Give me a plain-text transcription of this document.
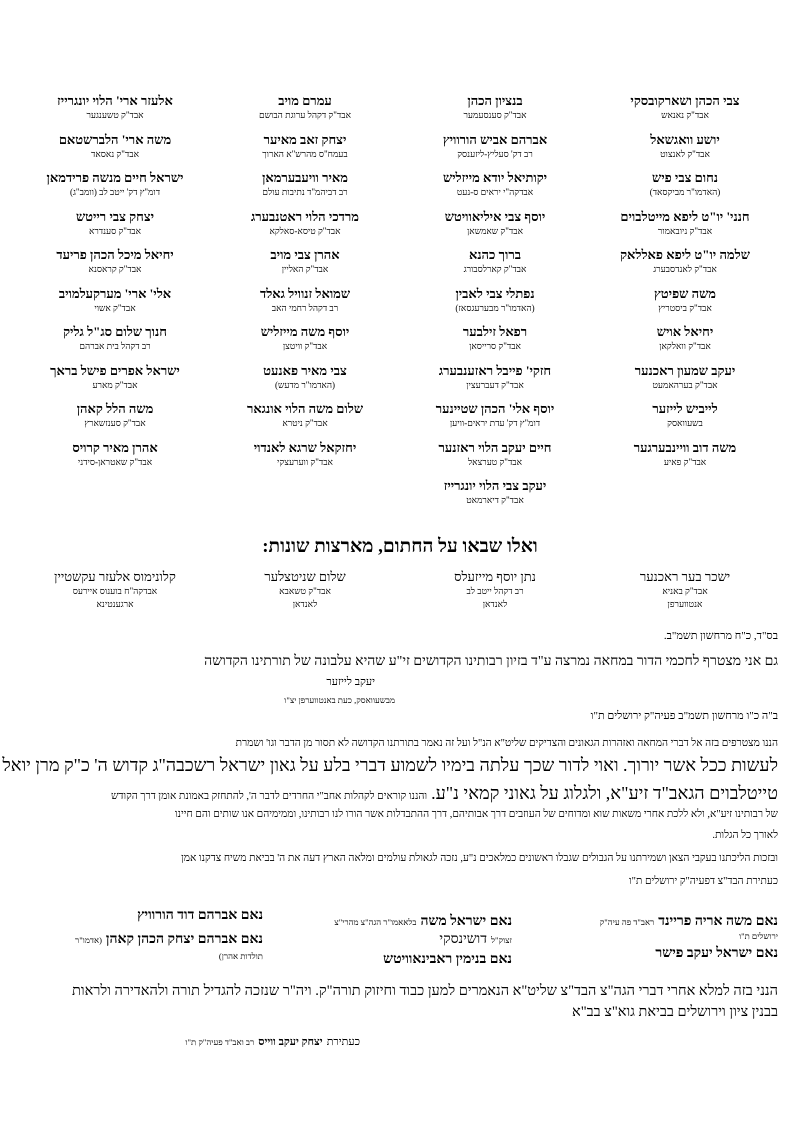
צבי הכהן ושארקובסקי
אבד"ק נאנאש
יושע וואגשאל
אבד"ק לאנצוט
נחום צבי פיש
(האדמו"ר מביקסאד)
חנני' יו"ט ליפא מייטלבוים
אבד"ק ניובאמור
שלמה יו"ט ליפא פאללאק
אבד"ק לאנדסבערג
משה שפיטץ
אבד"ק ביסטריץ
יחיאל אויש
אבד"ק וואלקאן
יעקב שמעון ראכנער
אבד"ק בערהאמעט
לייביש לייזער
בשעוואסק
משה דוב וויינבערגער
אבד"ק פאיע
בנציון הכהן
אבד"ק סענסעמער
אברהם אביש הורוויץ
רב דק' סעליץ-ליזענסק
יקותיאל יודא מייזליש
אבדקה"י יראים ס-נעט
יוסף צבי איליאוויטש
אבד"ק שאמשאן
ברוך כהנא
אבד"ק קארלסבורג
נפתלי צבי לאבין
(האדמו"ר מבערעגסאז)
רפאל זילבער
אבד"ק סרייסאן
חזקי' פייבל ראזענבערג
אבד"ק דעברעצין
יוסף אלי' הכהן שטיינער
דומ"ץ דק' עדת יראים-וויען
חיים יעקב הלוי ראזנער
אבד"ק טערצאל
יעקב צבי הלוי יונגרייז
אבד"ק דיארמאט
עמרם מויב
אבד"ק דקהל ערוגת הבושם
יצחק זאב מאיער
בעמח"ס מהרש"א הארוך
מאיר וויעבערמאן
רב דביהמ"ד נתיבות עולם
מרדכי הלוי ראטנבערג
אבד"ק טיסא-סאלקא
אהרן צבי מויב
אבד"ק האליין
שמואל זנוויל גאלד
רב דקהל רחמי האב
יוסף משה מייזליש
אבד"ק וויטצן
צבי מאיר פאנעט
(האדמו"ר מדעש)
שלום משה הלוי אונגאר
אבד"ק ניטרא
יחזקאל שרגא לאנדוי
אבד"ק ווערעצקי
אלעזר ארי' הלוי יונגרייז
אבד"ק טשענגער
משה ארי' הלברשטאם
אבד"ק נאסאד
ישראל חיים מנשה פרידמאן
דומ"ץ דק' ייטב לב (וומב"ג)
יצחק צבי רייטש
אבד"ק סענדרא
יחיאל מיכל הכהן פריעד
אבד"ק קראסנא
אלי' ארי' מערקעלמויב
אבד"ק אשוי
חנוך שלום סג"ל גליק
רב דקהל בית אברהם
ישראל אפרים פישל בראך
אבד"ק מארע
משה הלל קאהן
אבד"ק סענזשארץ
אהרן מאיר קרויס
אבד"ק שאטראן-סידני
ואלו שבאו על החתום, מארצות שונות:
ישכר בער ראכנער
אבד"ק באניא
אנטווערפן
נתן יוסף מייזעלס
רב דקהל ייטב לב
לאנדאן
שלום שניטצלער
אבד"ק טשאבא
לאנדאן
קלונימוס אלעזר עקשטיין
אבדקה"ח בוענוס איירעס
ארגענטינא
בס"ד, כ"ח מרחשון תשמ"ב.
גם אני מצטרף לחכמי הדור במחאה נמרצה ע"ד בזיון רבותינו הקדושים זי"ע שהיא עלבונה של תורתינו הקדושה
יעקב לייזער
מבשעוואסק, כעת באנטווערפן יצ"ו
ב"ה כ"ו מרחשון תשמ"ב פעיה"ק ירושלים ת"ו
הננו מצטרפים בזה אל דברי המחאה ואזהרות הגאונים והצדיקים שליט"א הנ"ל ועל זה נאמר בתורתנו הקדושה לא תסור מן הדבר וגו' ושמרת
לעשות ככל אשר יורוך. ואוי לדור שכך עלתה בימיו לשמוע דברי בלע על גאון ישראל רשכבה"ג קדוש ה' כ"ק מרן יואל
טייטלבוים הגאב"ד זיע"א, ולגלוג על גאוני קמאי נ"ע. והננו קוראים לקהלות אחב"י החרדים לדבר ה', להתחזק באמונת אומן דרך הקודש
של רבותינו זיע"א, ולא ללכת אחרי משאות שוא ומדוחים של העוזבים דרך אבותיהם, דרך ההתבדלות אשר הורו לנו רבותינו, וממימיהם אנו שותים והם חיינו
לאורך כל הגלות.
ובזכות הליכתנו בעקבי הצאן ושמירתנו על הגבולים שגבלו ראשונים כמלאכים נ"ע, נזכה לגאולת עולמים ומלאה הארץ דעה את ה' בביאת משיח צדקנו אמן
כעתירת הבד"צ דפעיה"ק ירושלים ת"ו
נאם משה אריה פריינד ראב"ד פה עיה"ק
ירושלים ת"ו
נאם ישראל יעקב פישר
נאם ישראל משה בלאאמו"ר הגה"צ מהרי"צ
זצוק"ל דושינסקי
נאם בנימין ראבינאוויטש
נאם אברהם דוד הורוויץ
נאם אברהם יצחק הכהן קאהן (אדמו"ר
תולדות אהרן)
הנני בזה למלא אחרי דברי הגה"צ הבד"צ שליט"א הנאמרים למען כבוד וחיזוק תורה"ק. ויה"ר שנזכה להגדיל תורה ולהאדירה ולראות
בבנין ציון וירושלים בביאת גוא"צ בב"א
כעתירת יצחק יעקב ווייס רב ואב"ד פעיה"ק ת"ו
